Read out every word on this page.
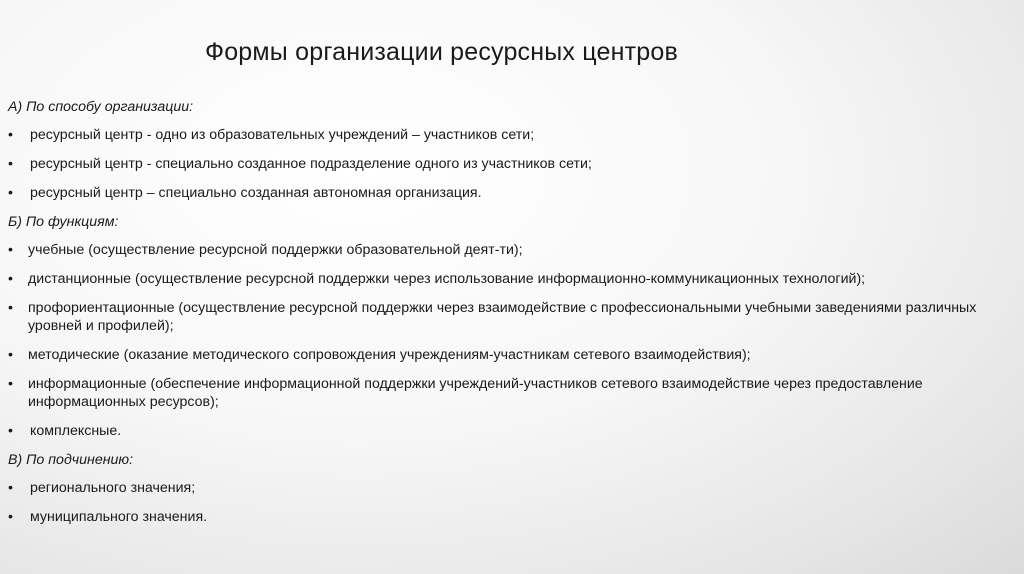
Формы организации ресурсных центров
А) По способу организации:
• ресурсный центр - одно из образовательных учреждений – участников сети;
• ресурсный центр - специально созданное подразделение одного из участников сети;
• ресурсный центр – специально созданная автономная организация.
Б) По функциям:
• учебные (осуществление ресурсной поддержки образовательной деят-ти);
• дистанционные (осуществление ресурсной поддержки через использование информационно-коммуникационных технологий);
• профориентационные (осуществление ресурсной поддержки через взаимодействие с профессиональными учебными заведениями различных уровней и профилей);
• методические (оказание методического сопровождения учреждениям-участникам сетевого взаимодействия);
• информационные (обеспечение информационной поддержки учреждений-участников сетевого взаимодействие через предоставление информационных ресурсов);
• комплексные.
В) По подчинению:
• регионального значения;
• муниципального значения.
